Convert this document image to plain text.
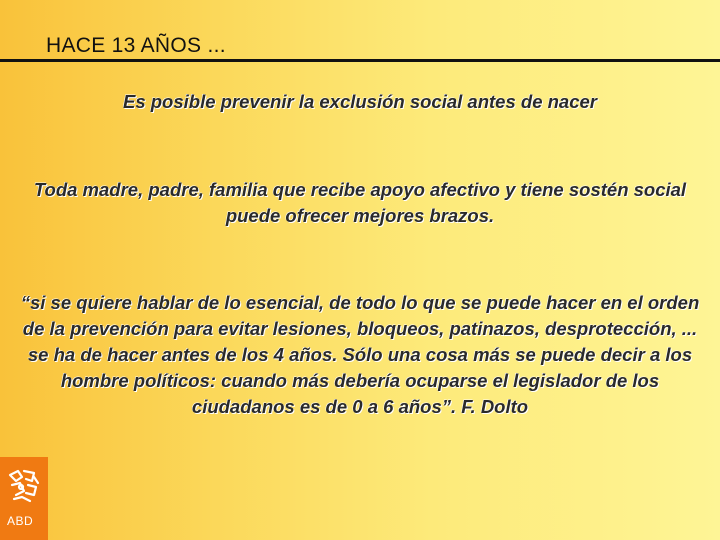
HACE 13 AÑOS ...
Es posible prevenir la exclusión social antes de nacer
Toda madre, padre, familia que recibe apoyo afectivo y tiene sostén social puede ofrecer mejores brazos.
“si se quiere hablar de lo esencial, de todo lo que se puede hacer en el orden de la prevención para evitar lesiones, bloqueos, patinazos, desprotección, ... se ha de hacer antes de los 4 años. Sólo una cosa más se puede decir a los hombre políticos: cuando más debería ocuparse el legislador de los ciudadanos es de 0 a 6 años”. F. Dolto
ABD
